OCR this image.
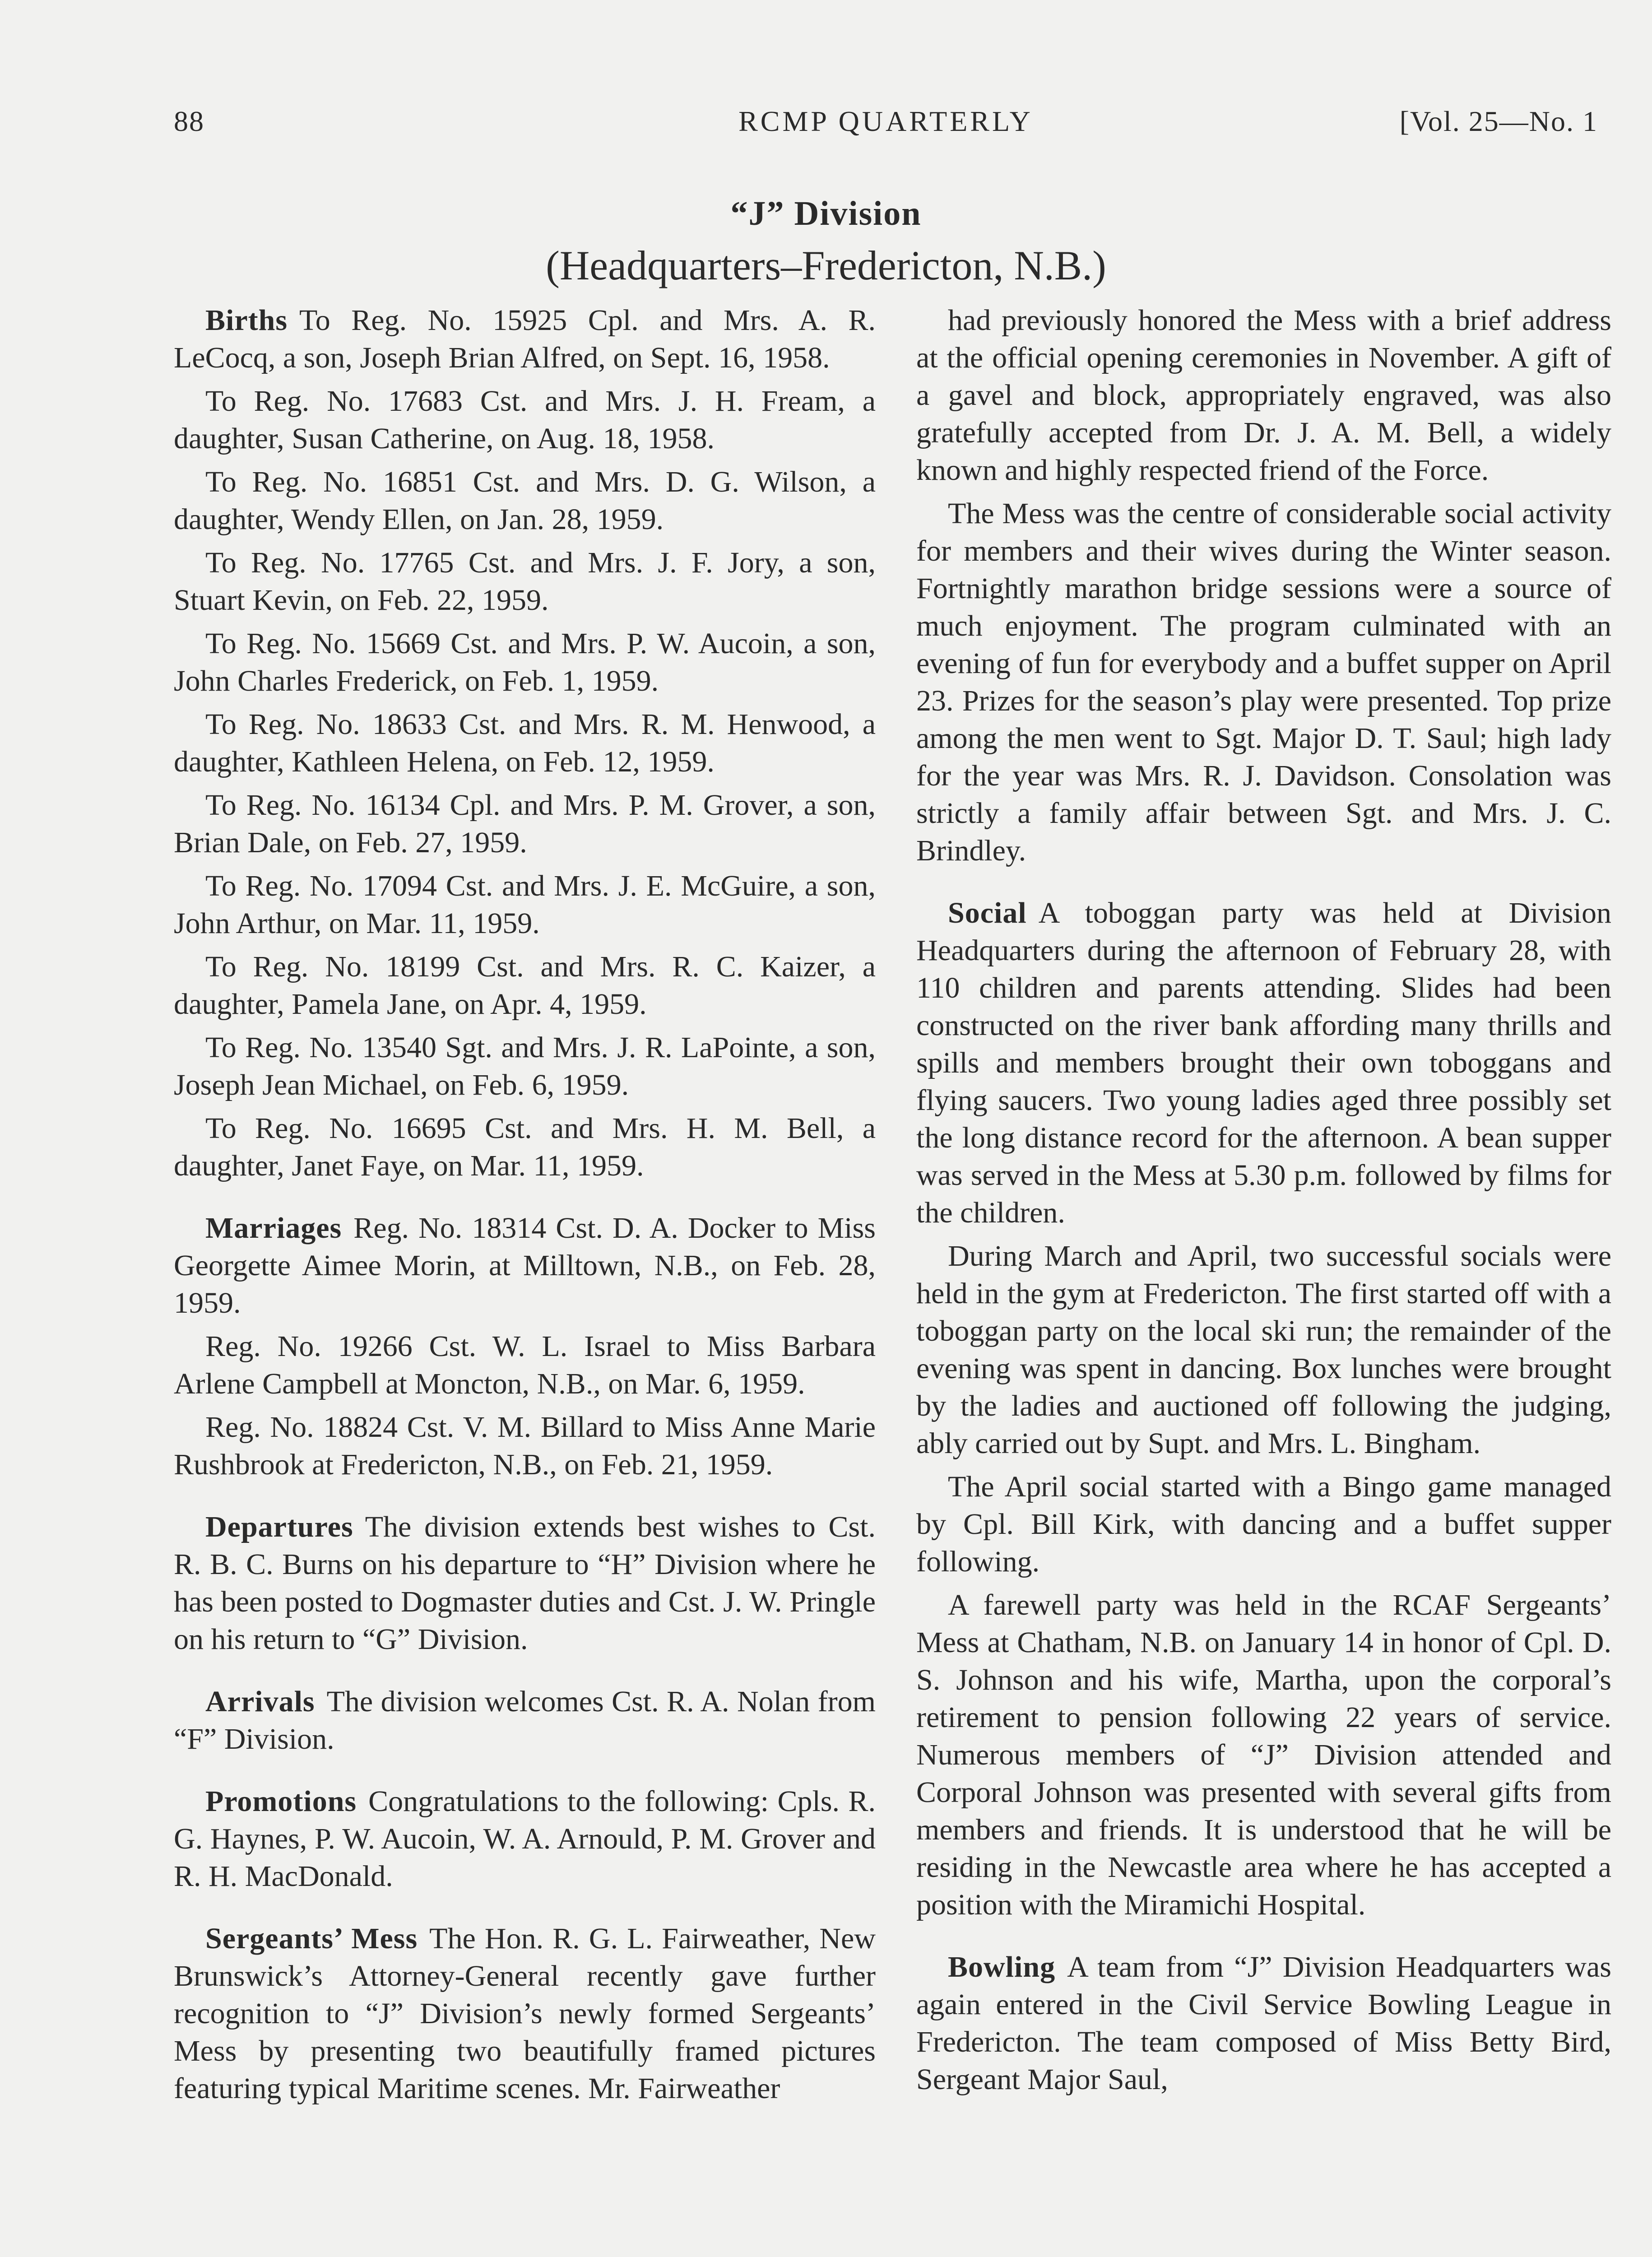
88	RCMP QUARTERLY	[Vol. 25—No. 1
“J” Division
(Headquarters–Fredericton, N.B.)

Births To Reg. No. 15925 Cpl. and Mrs. A. R. LeCocq, a son, Joseph Brian Alfred, on Sept. 16, 1958.

To Reg. No. 17683 Cst. and Mrs. J. H. Fream, a daughter, Susan Catherine, on Aug. 18, 1958.

To Reg. No. 16851 Cst. and Mrs. D. G. Wilson, a daughter, Wendy Ellen, on Jan. 28, 1959.

To Reg. No. 17765 Cst. and Mrs. J. F. Jory, a son, Stuart Kevin, on Feb. 22, 1959.

To Reg. No. 15669 Cst. and Mrs. P. W. Aucoin, a son, John Charles Frederick, on Feb. 1, 1959.

To Reg. No. 18633 Cst. and Mrs. R. M. Henwood, a daughter, Kathleen Helena, on Feb. 12, 1959.

To Reg. No. 16134 Cpl. and Mrs. P. M. Grover, a son, Brian Dale, on Feb. 27, 1959.

To Reg. No. 17094 Cst. and Mrs. J. E. McGuire, a son, John Arthur, on Mar. 11, 1959.

To Reg. No. 18199 Cst. and Mrs. R. C. Kaizer, a daughter, Pamela Jane, on Apr. 4, 1959.

To Reg. No. 13540 Sgt. and Mrs. J. R. LaPointe, a son, Joseph Jean Michael, on Feb. 6, 1959.

To Reg. No. 16695 Cst. and Mrs. H. M. Bell, a daughter, Janet Faye, on Mar. 11, 1959.

Marriages Reg. No. 18314 Cst. D. A. Docker to Miss Georgette Aimee Morin, at Milltown, N.B., on Feb. 28, 1959.

Reg. No. 19266 Cst. W. L. Israel to Miss Barbara Arlene Campbell at Moncton, N.B., on Mar. 6, 1959.

Reg. No. 18824 Cst. V. M. Billard to Miss Anne Marie Rushbrook at Fredericton, N.B., on Feb. 21, 1959.

Departures The division extends best wishes to Cst. R. B. C. Burns on his departure to “H” Division where he has been posted to Dogmaster duties and Cst. J. W. Pringle on his return to “G” Division.

Arrivals The division welcomes Cst. R. A. Nolan from “F” Division.

Promotions Congratulations to the following: Cpls. R. G. Haynes, P. W. Aucoin, W. A. Arnould, P. M. Grover and R. H. MacDonald.

Sergeants’ Mess The Hon. R. G. L. Fairweather, New Brunswick’s Attorney-General recently gave further recognition to “J” Division’s newly formed Sergeants’ Mess by presenting two beautifully framed pictures featuring typical Maritime scenes. Mr. Fairweather

had previously honored the Mess with a brief address at the official opening ceremonies in November. A gift of a gavel and block, appropriately engraved, was also gratefully accepted from Dr. J. A. M. Bell, a widely known and highly respected friend of the Force.

The Mess was the centre of considerable social activity for members and their wives during the Winter season. Fortnightly marathon bridge sessions were a source of much enjoyment. The program culminated with an evening of fun for everybody and a buffet supper on April 23. Prizes for the season’s play were presented. Top prize among the men went to Sgt. Major D. T. Saul; high lady for the year was Mrs. R. J. Davidson. Consolation was strictly a family affair between Sgt. and Mrs. J. C. Brindley.

Social A toboggan party was held at Division Headquarters during the afternoon of February 28, with 110 children and parents attending. Slides had been constructed on the river bank affording many thrills and spills and members brought their own toboggans and flying saucers. Two young ladies aged three possibly set the long distance record for the afternoon. A bean supper was served in the Mess at 5.30 p.m. followed by films for the children.

During March and April, two successful socials were held in the gym at Fredericton. The first started off with a toboggan party on the local ski run; the remainder of the evening was spent in dancing. Box lunches were brought by the ladies and auctioned off following the judging, ably carried out by Supt. and Mrs. L. Bingham.

The April social started with a Bingo game managed by Cpl. Bill Kirk, with dancing and a buffet supper following.

A farewell party was held in the RCAF Sergeants’ Mess at Chatham, N.B. on January 14 in honor of Cpl. D. S. Johnson and his wife, Martha, upon the corporal’s retirement to pension following 22 years of service. Numerous members of “J” Division attended and Corporal Johnson was presented with several gifts from members and friends. It is understood that he will be residing in the Newcastle area where he has accepted a position with the Miramichi Hospital.

Bowling A team from “J” Division Headquarters was again entered in the Civil Service Bowling League in Fredericton. The team composed of Miss Betty Bird, Sergeant Major Saul,
